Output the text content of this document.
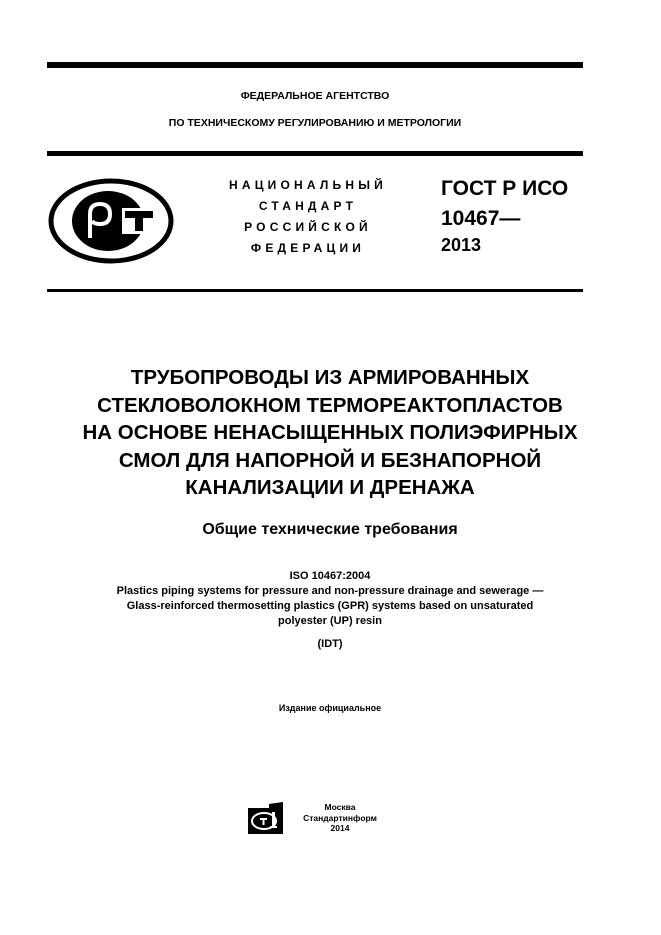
ФЕДЕРАЛЬНОЕ АГЕНТСТВО
ПО ТЕХНИЧЕСКОМУ РЕГУЛИРОВАНИЮ И МЕТРОЛОГИИ
НАЦИОНАЛЬНЫЙ
СТАНДАРТ
РОССИЙСКОЙ
ФЕДЕРАЦИИ
ГОСТ Р ИСО
10467—
2013
ТРУБОПРОВОДЫ ИЗ АРМИРОВАННЫХ
СТЕКЛОВОЛОКНОМ ТЕРМОРЕАКТОПЛАСТОВ
НА ОСНОВЕ НЕНАСЫЩЕННЫХ ПОЛИЭФИРНЫХ
СМОЛ ДЛЯ НАПОРНОЙ И БЕЗНАПОРНОЙ
КАНАЛИЗАЦИИ И ДРЕНАЖА
Общие технические требования
ISO 10467:2004
Plastics piping systems for pressure and non-pressure drainage and sewerage —
Glass-reinforced thermosetting plastics (GPR) systems based on unsaturated
polyester (UP) resin
(IDT)
Издание официальное
Москва
Стандартинформ
2014
